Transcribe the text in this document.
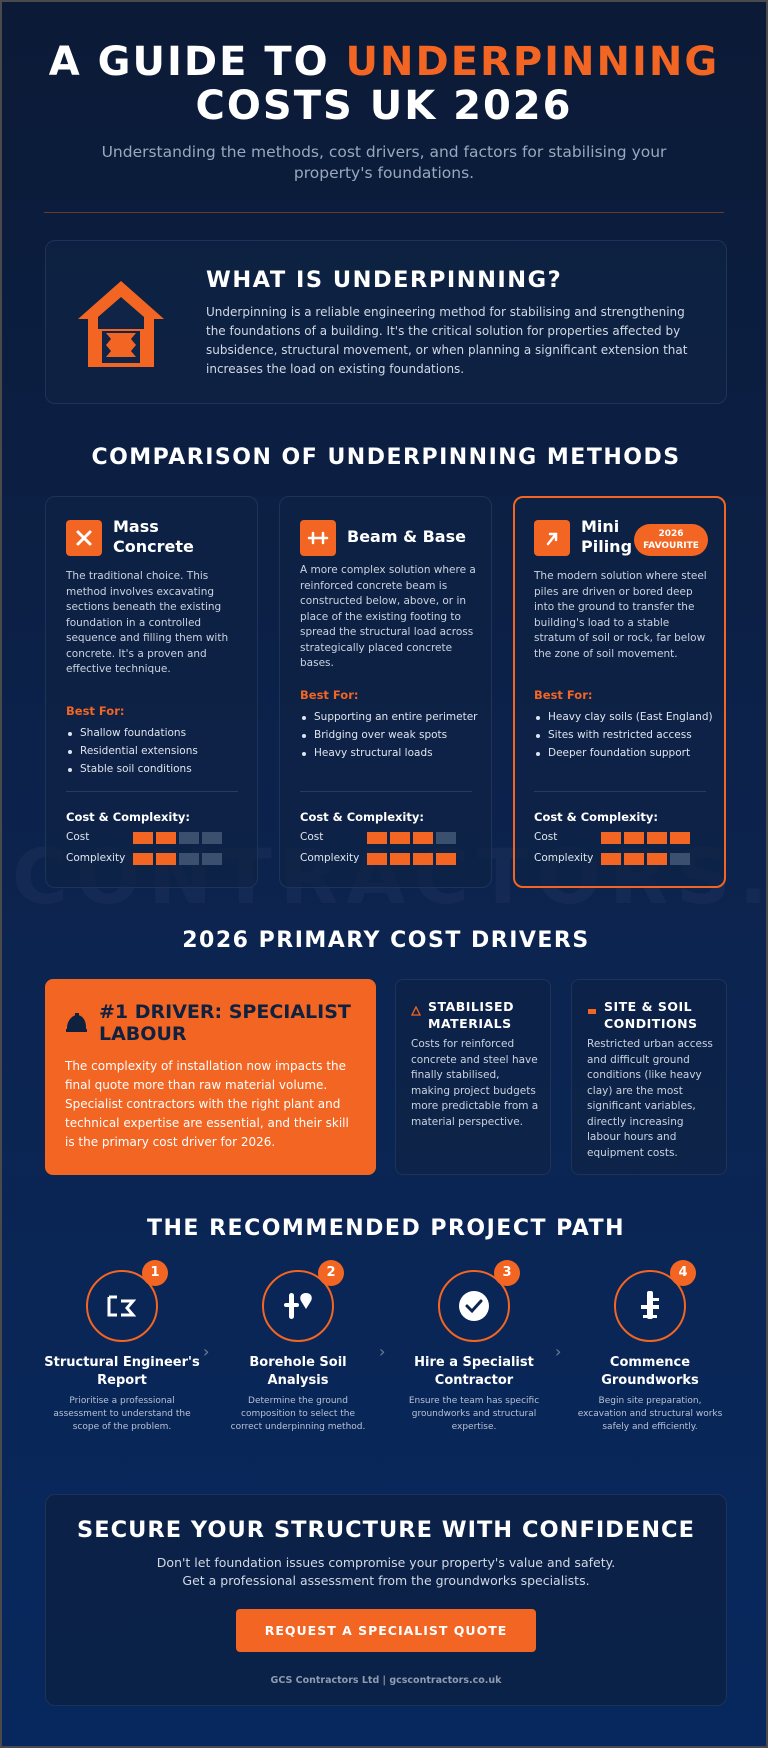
A GUIDE TO UNDERPINNING
COSTS UK 2026

Understanding the methods, cost drivers, and factors for stabilising your property's foundations.

WHAT IS UNDERPINNING?

Underpinning is a reliable engineering method for stabilising and strengthening the foundations of a building. It's the critical solution for properties affected by subsidence, structural movement, or when planning a significant extension that increases the load on existing foundations.

COMPARISON OF UNDERPINNING METHODS
Mass
Concrete

The traditional choice. This method involves excavating sections beneath the existing foundation in a controlled sequence and filling them with concrete. It's a proven and effective technique.

Best For:
Shallow foundations
Residential extensions
Stable soil conditions
Cost & Complexity:
Cost
Complexity
Beam & Base

A more complex solution where a reinforced concrete beam is constructed below, above, or in place of the existing footing to spread the structural load across strategically placed concrete bases.

Best For:
Supporting an entire perimeter
Bridging over weak spots
Heavy structural loads
Cost & Complexity:
Cost
Complexity
Mini
Piling
2026
FAVOURITE

The modern solution where steel piles are driven or bored deep into the ground to transfer the building's load to a stable stratum of soil or rock, far below the zone of soil movement.

Best For:
Heavy clay soils (East England)
Sites with restricted access
Deeper foundation support
Cost & Complexity:
Cost
Complexity
2026 PRIMARY COST DRIVERS
#1 DRIVER: SPECIALIST LABOUR

The complexity of installation now impacts the final quote more than raw material volume. Specialist contractors with the right plant and technical expertise are essential, and their skill is the primary cost driver for 2026.

STABILISED
MATERIALS

Costs for reinforced concrete and steel have finally stabilised, making project budgets more predictable from a material perspective.

SITE & SOIL
CONDITIONS

Restricted urban access and difficult ground conditions (like heavy clay) are the most significant variables, directly increasing labour hours and equipment costs.

THE RECOMMENDED PROJECT PATH
1
Structural Engineer's Report
Prioritise a professional assessment to understand the scope of the problem.
›
2
Borehole Soil Analysis
Determine the ground composition to select the correct underpinning method.
›
3
Hire a Specialist Contractor
Ensure the team has specific groundworks and structural expertise.
›
4
Commence Groundworks
Begin site preparation, excavation and structural works safely and efficiently.
SECURE YOUR STRUCTURE WITH CONFIDENCE

Don't let foundation issues compromise your property's value and safety. Get a professional assessment from the groundworks specialists.

REQUEST A SPECIALIST QUOTE
GCS Contractors Ltd | gcscontractors.co.uk
